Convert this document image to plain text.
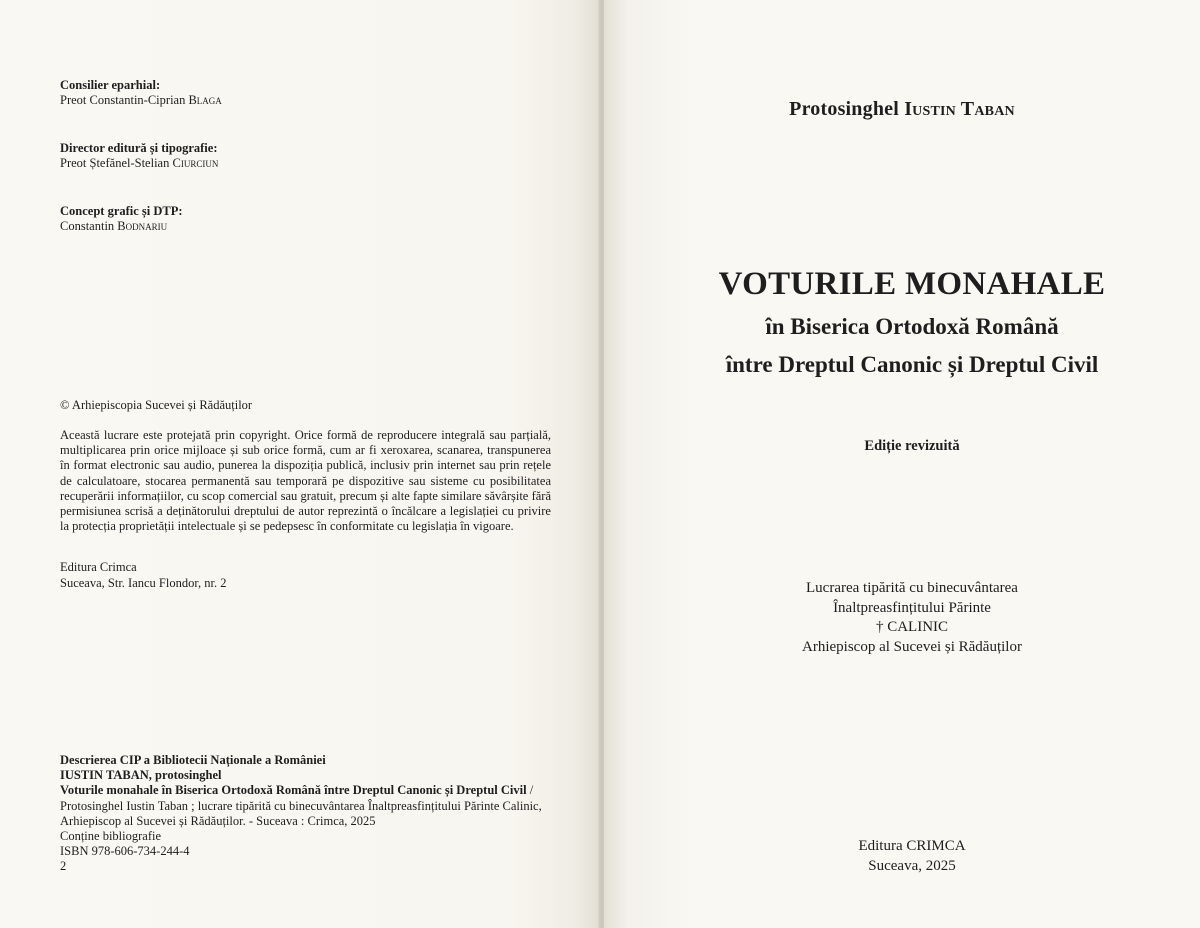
Consilier eparhial:
Preot Constantin-Ciprian Blaga
Director editură și tipografie:
Preot Ștefănel-Stelian Ciurciun
Concept grafic și DTP:
Constantin Bodnariu
© Arhiepiscopia Sucevei și Rădăuților
Această lucrare este protejată prin copyright. Orice formă de reproducere integrală sau parțială, multiplicarea prin orice mijloace și sub orice formă, cum ar fi xeroxarea, scanarea, transpunerea în format electronic sau audio, punerea la dispoziția publică, inclusiv prin internet sau prin rețele de calculatoare, stocarea permanentă sau temporară pe dispozitive sau sisteme cu posibilitatea recuperării informațiilor, cu scop comercial sau gratuit, precum și alte fapte similare săvârșite fără permisiunea scrisă a deținătorului dreptului de autor reprezintă o încălcare a legislației cu privire la protecția proprietății intelectuale și se pedepsesc în conformitate cu legislația în vigoare.
Editura Crimca
Suceava, Str. Iancu Flondor, nr. 2
Descrierea CIP a Bibliotecii Naționale a României
IUSTIN TABAN, protosinghel
Voturile monahale în Biserica Ortodoxă Română între Dreptul Canonic și Dreptul Civil / Protosinghel Iustin Taban ; lucrare tipărită cu binecuvântarea Înaltpreasfințitului Părinte Calinic, Arhiepiscop al Sucevei și Rădăuților. - Suceava : Crimca, 2025
Conține bibliografie
ISBN 978-606-734-244-4
2
Protosinghel Iustin Taban
VOTURILE MONAHALE
în Biserica Ortodoxă Română
între Dreptul Canonic și Dreptul Civil
Ediție revizuită
Lucrarea tipărită cu binecuvântarea
Înaltpreasfințitului Părinte
† CALINIC
Arhiepiscop al Sucevei și Rădăuților
Editura CRIMCA
Suceava, 2025
